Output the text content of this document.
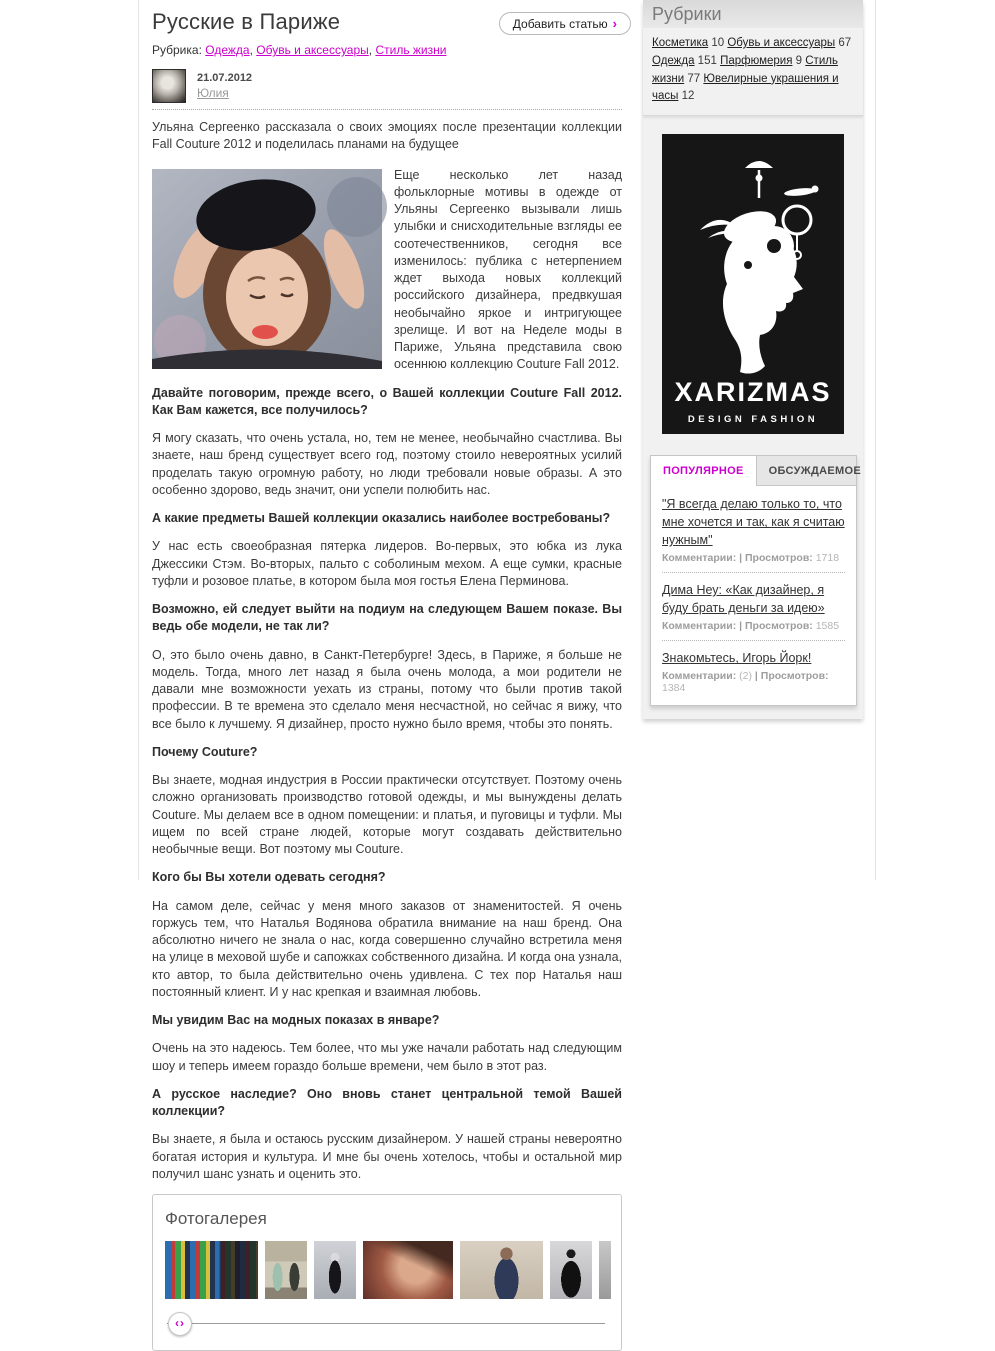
Русские в Париже	Добавить статью ›
Рубрика: Одежда, Обувь и аксессуары, Стиль жизни
21.07.2012
Юлия

Ульяна Сергеенко рассказала о своих эмоциях после презентации коллекции Fall Couture 2012 и поделилась планами на будущее

Еще несколько лет назад фольклорные мотивы в одежде от Ульяны Сергеенко вызывали лишь улыбки и снисходительные взгляды ее соотечественников, сегодня все изменилось: публика с нетерпением ждет выхода новых коллекций российского дизайнера, предвкушая необычайно яркое и интригующее зрелище. И вот на Неделе моды в Париже, Ульяна представила свою осеннюю коллекцию Couture Fall 2012.

Давайте поговорим, прежде всего, о Вашей коллекции Couture Fall 2012. Как Вам кажется, все получилось?

Я могу сказать, что очень устала, но, тем не менее, необычайно счастлива. Вы знаете, наш бренд существует всего год, поэтому стоило невероятных усилий проделать такую огромную работу, но люди требовали новые образы. А это особенно здорово, ведь значит, они успели полюбить нас.

А какие предметы Вашей коллекции оказались наиболее востребованы?

У нас есть своеобразная пятерка лидеров. Во-первых, это юбка из лука Джессики Стэм. Во-вторых, пальто с соболиным мехом. А еще сумки, красные туфли и розовое платье, в котором была моя гостья Елена Перминова.

Возможно, ей следует выйти на подиум на следующем Вашем показе. Вы ведь обе модели, не так ли?

О, это было очень давно, в Санкт-Петербурге! Здесь, в Париже, я больше не модель. Тогда, много лет назад я была очень молода, а мои родители не давали мне возможности уехать из страны, потому что были против такой профессии. В те времена это сделало меня несчастной, но сейчас я вижу, что все было к лучшему. Я дизайнер, просто нужно было время, чтобы это понять.

Почему Couture?

Вы знаете, модная индустрия в России практически отсутствует. Поэтому очень сложно организовать производство готовой одежды, и мы вынуждены делать Couture. Мы делаем все в одном помещении: и платья, и пуговицы и туфли. Мы ищем по всей стране людей, которые могут создавать действительно необычные вещи. Вот поэтому мы Couture.

Кого бы Вы хотели одевать сегодня?

На самом деле, сейчас у меня много заказов от знаменитостей. Я очень горжусь тем, что Наталья Водянова обратила внимание на наш бренд. Она абсолютно ничего не знала о нас, когда совершенно случайно встретила меня на улице в меховой шубе и сапожках собственного дизайна. И когда она узнала, кто автор, то была действительно очень удивлена. С тех пор Наталья наш постоянный клиент. И у нас крепкая и взаимная любовь.

Мы увидим Вас на модных показах в январе?

Очень на это надеюсь. Тем более, что мы уже начали работать над следующим шоу и теперь имеем гораздо больше времени, чем было в этот раз.

А русское наследие? Оно вновь станет центральной темой Вашей коллекции?

Вы знаете, я была и остаюсь русским дизайнером. У нашей страны невероятно богатая история и культура. И мне бы очень хотелось, чтобы и остальной мир получил шанс узнать и оценить это.

Фотогалерея
‹›
Рубрики
Косметика 10 Обувь и аксессуары 67 Одежда 151 Парфюмерия 9 Стиль жизни 77 Ювелирные украшения и часы 12
XARIZMAS
DESIGN FASHION
ПОПУЛЯРНОЕ	ОБСУЖДАЕМОЕ
"Я всегда делаю только то, что мне хочется и так, как я считаю нужным"
Комментарии: | Просмотров: 1718
Дима Неу: «Как дизайнер, я буду брать деньги за идею»
Комментарии: | Просмотров: 1585
Знакомьтесь, Игорь Йорк!
Комментарии: (2) | Просмотров: 1384
